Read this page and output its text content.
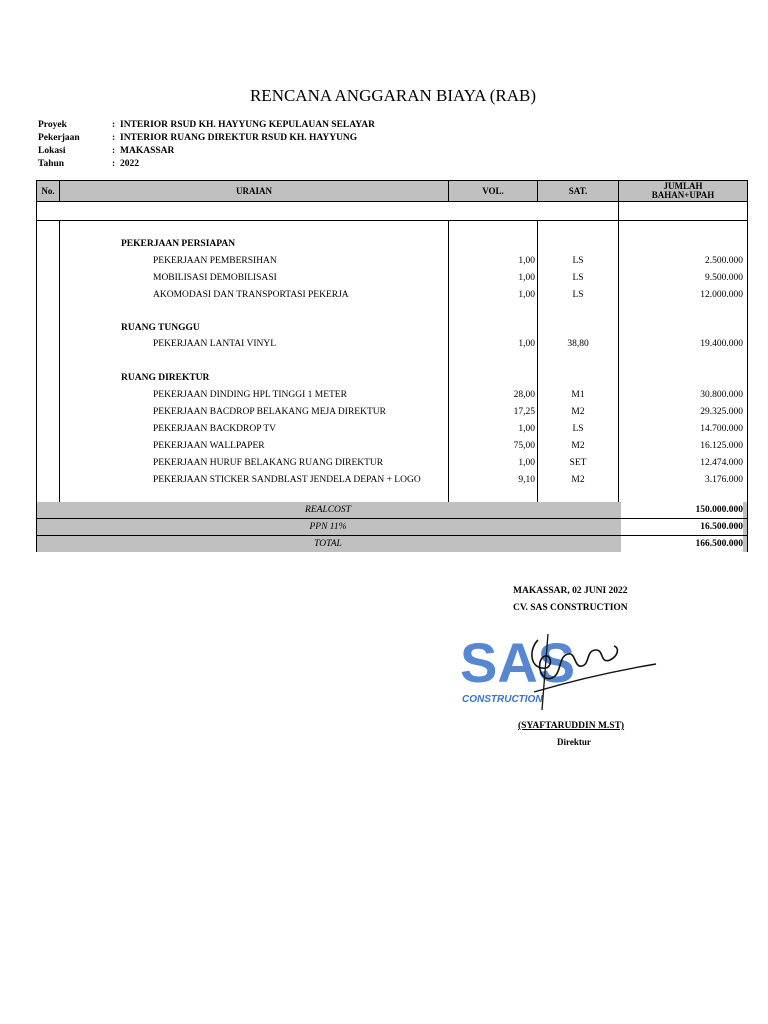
RENCANA ANGGARAN BIAYA (RAB)
Proyek	: INTERIOR RSUD KH. HAYYUNG KEPULAUAN SELAYAR
Pekerjaan	: INTERIOR RUANG DIREKTUR RSUD KH. HAYYUNG
Lokasi	: MAKASSAR
Tahun	: 2022
No.	URAIAN	VOL.	SAT.	JUMLAH
BAHAN+UPAH
PEKERJAAN PERSIAPAN
PEKERJAAN PEMBERSIHAN	1,00	LS	2.500.000
MOBILISASI DEMOBILISASI	1,00	LS	9.500.000
AKOMODASI DAN TRANSPORTASI PEKERJA	1,00	LS	12.000.000
RUANG TUNGGU
PEKERJAAN LANTAI VINYL	1,00	38,80	19.400.000
RUANG DIREKTUR
PEKERJAAN DINDING HPL TINGGI 1 METER	28,00	M1	30.800.000
PEKERJAAN BACDROP BELAKANG MEJA DIREKTUR	17,25	M2	29.325.000
PEKERJAAN BACKDROP TV	1,00	LS	14.700.000
PEKERJAAN WALLPAPER	75,00	M2	16.125.000
PEKERJAAN HURUF BELAKANG RUANG DIREKTUR	1,00	SET	12.474.000
PEKERJAAN STICKER SANDBLAST JENDELA DEPAN + LOGO	9,10	M2	3.176.000
REALCOST	150.000.000
PPN 11%	16.500.000
TOTAL	166.500.000
MAKASSAR, 02 JUNI 2022
CV. SAS CONSTRUCTION
(SYAFTARUDDIN M.ST)
Direktur
SAS
CONSTRUCTION
